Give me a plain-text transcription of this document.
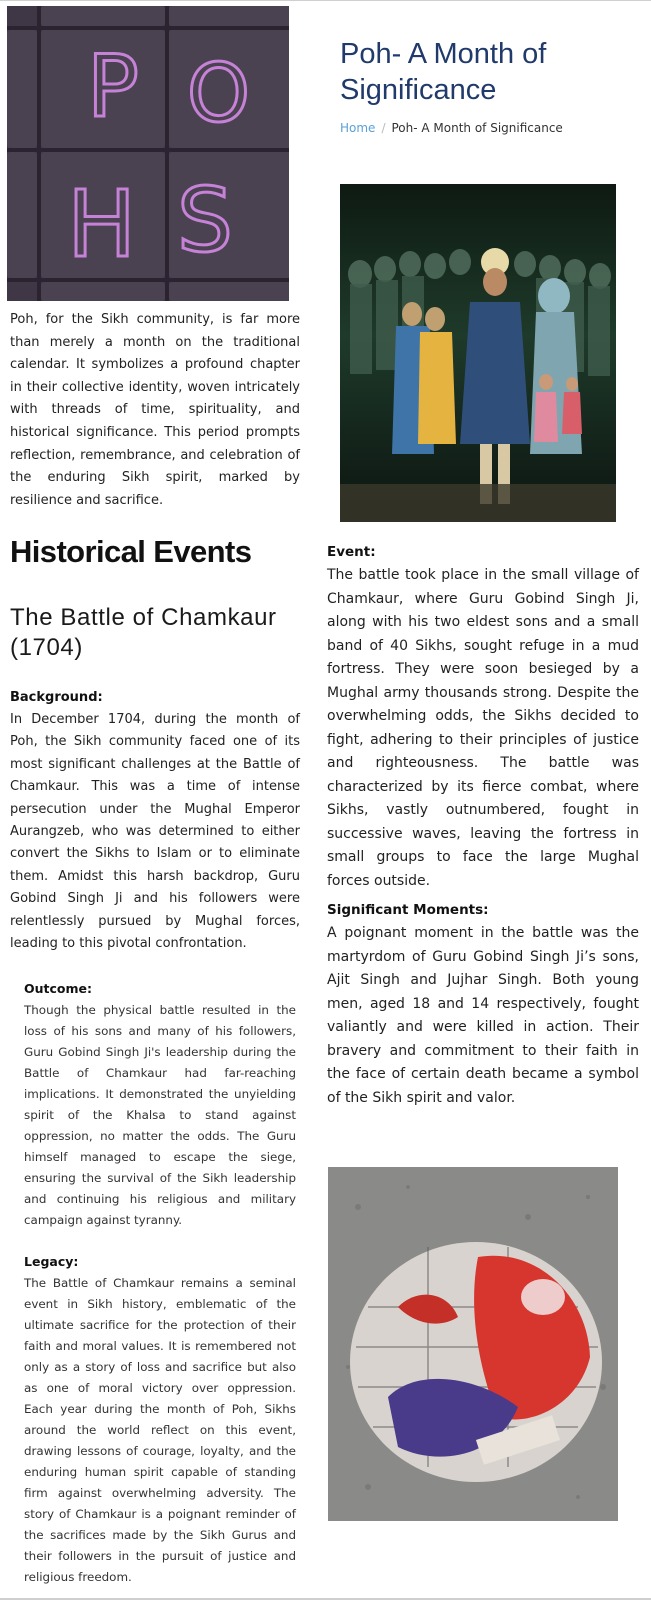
P O
H S
Poh- A Month of Significance
Home / Poh- A Month of Significance

Poh, for the Sikh community, is far more than merely a month on the traditional calendar. It symbolizes a profound chapter in their collective identity, woven intricately with threads of time, spirituality, and historical significance. This period prompts reflection, remembrance, and celebration of the enduring Sikh spirit, marked by resilience and sacrifice.

Historical Events
The Battle of Chamkaur (1704)

Background:

In December 1704, during the month of Poh, the Sikh community faced one of its most significant challenges at the Battle of Chamkaur. This was a time of intense persecution under the Mughal Emperor Aurangzeb, who was determined to either convert the Sikhs to Islam or to eliminate them. Amidst this harsh backdrop, Guru Gobind Singh Ji and his followers were relentlessly pursued by Mughal forces, leading to this pivotal confrontation.

Outcome:

Though the physical battle resulted in the loss of his sons and many of his followers, Guru Gobind Singh Ji's leadership during the Battle of Chamkaur had far-reaching implications. It demonstrated the unyielding spirit of the Khalsa to stand against oppression, no matter the odds. The Guru himself managed to escape the siege, ensuring the survival of the Sikh leadership and continuing his religious and military campaign against tyranny.

Legacy:

The Battle of Chamkaur remains a seminal event in Sikh history, emblematic of the ultimate sacrifice for the protection of their faith and moral values. It is remembered not only as a story of loss and sacrifice but also as one of moral victory over oppression. Each year during the month of Poh, Sikhs around the world reflect on this event, drawing lessons of courage, loyalty, and the enduring human spirit capable of standing firm against overwhelming adversity. The story of Chamkaur is a poignant reminder of the sacrifices made by the Sikh Gurus and their followers in the pursuit of justice and religious freedom.

Event:

The battle took place in the small village of Chamkaur, where Guru Gobind Singh Ji, along with his two eldest sons and a small band of 40 Sikhs, sought refuge in a mud fortress. They were soon besieged by a Mughal army thousands strong. Despite the overwhelming odds, the Sikhs decided to fight, adhering to their principles of justice and righteousness. The battle was characterized by its fierce combat, where Sikhs, vastly outnumbered, fought in successive waves, leaving the fortress in small groups to face the large Mughal forces outside.

Significant Moments:

A poignant moment in the battle was the martyrdom of Guru Gobind Singh Ji’s sons, Ajit Singh and Jujhar Singh. Both young men, aged 18 and 14 respectively, fought valiantly and were killed in action. Their bravery and commitment to their faith in the face of certain death became a symbol of the Sikh spirit and valor.
